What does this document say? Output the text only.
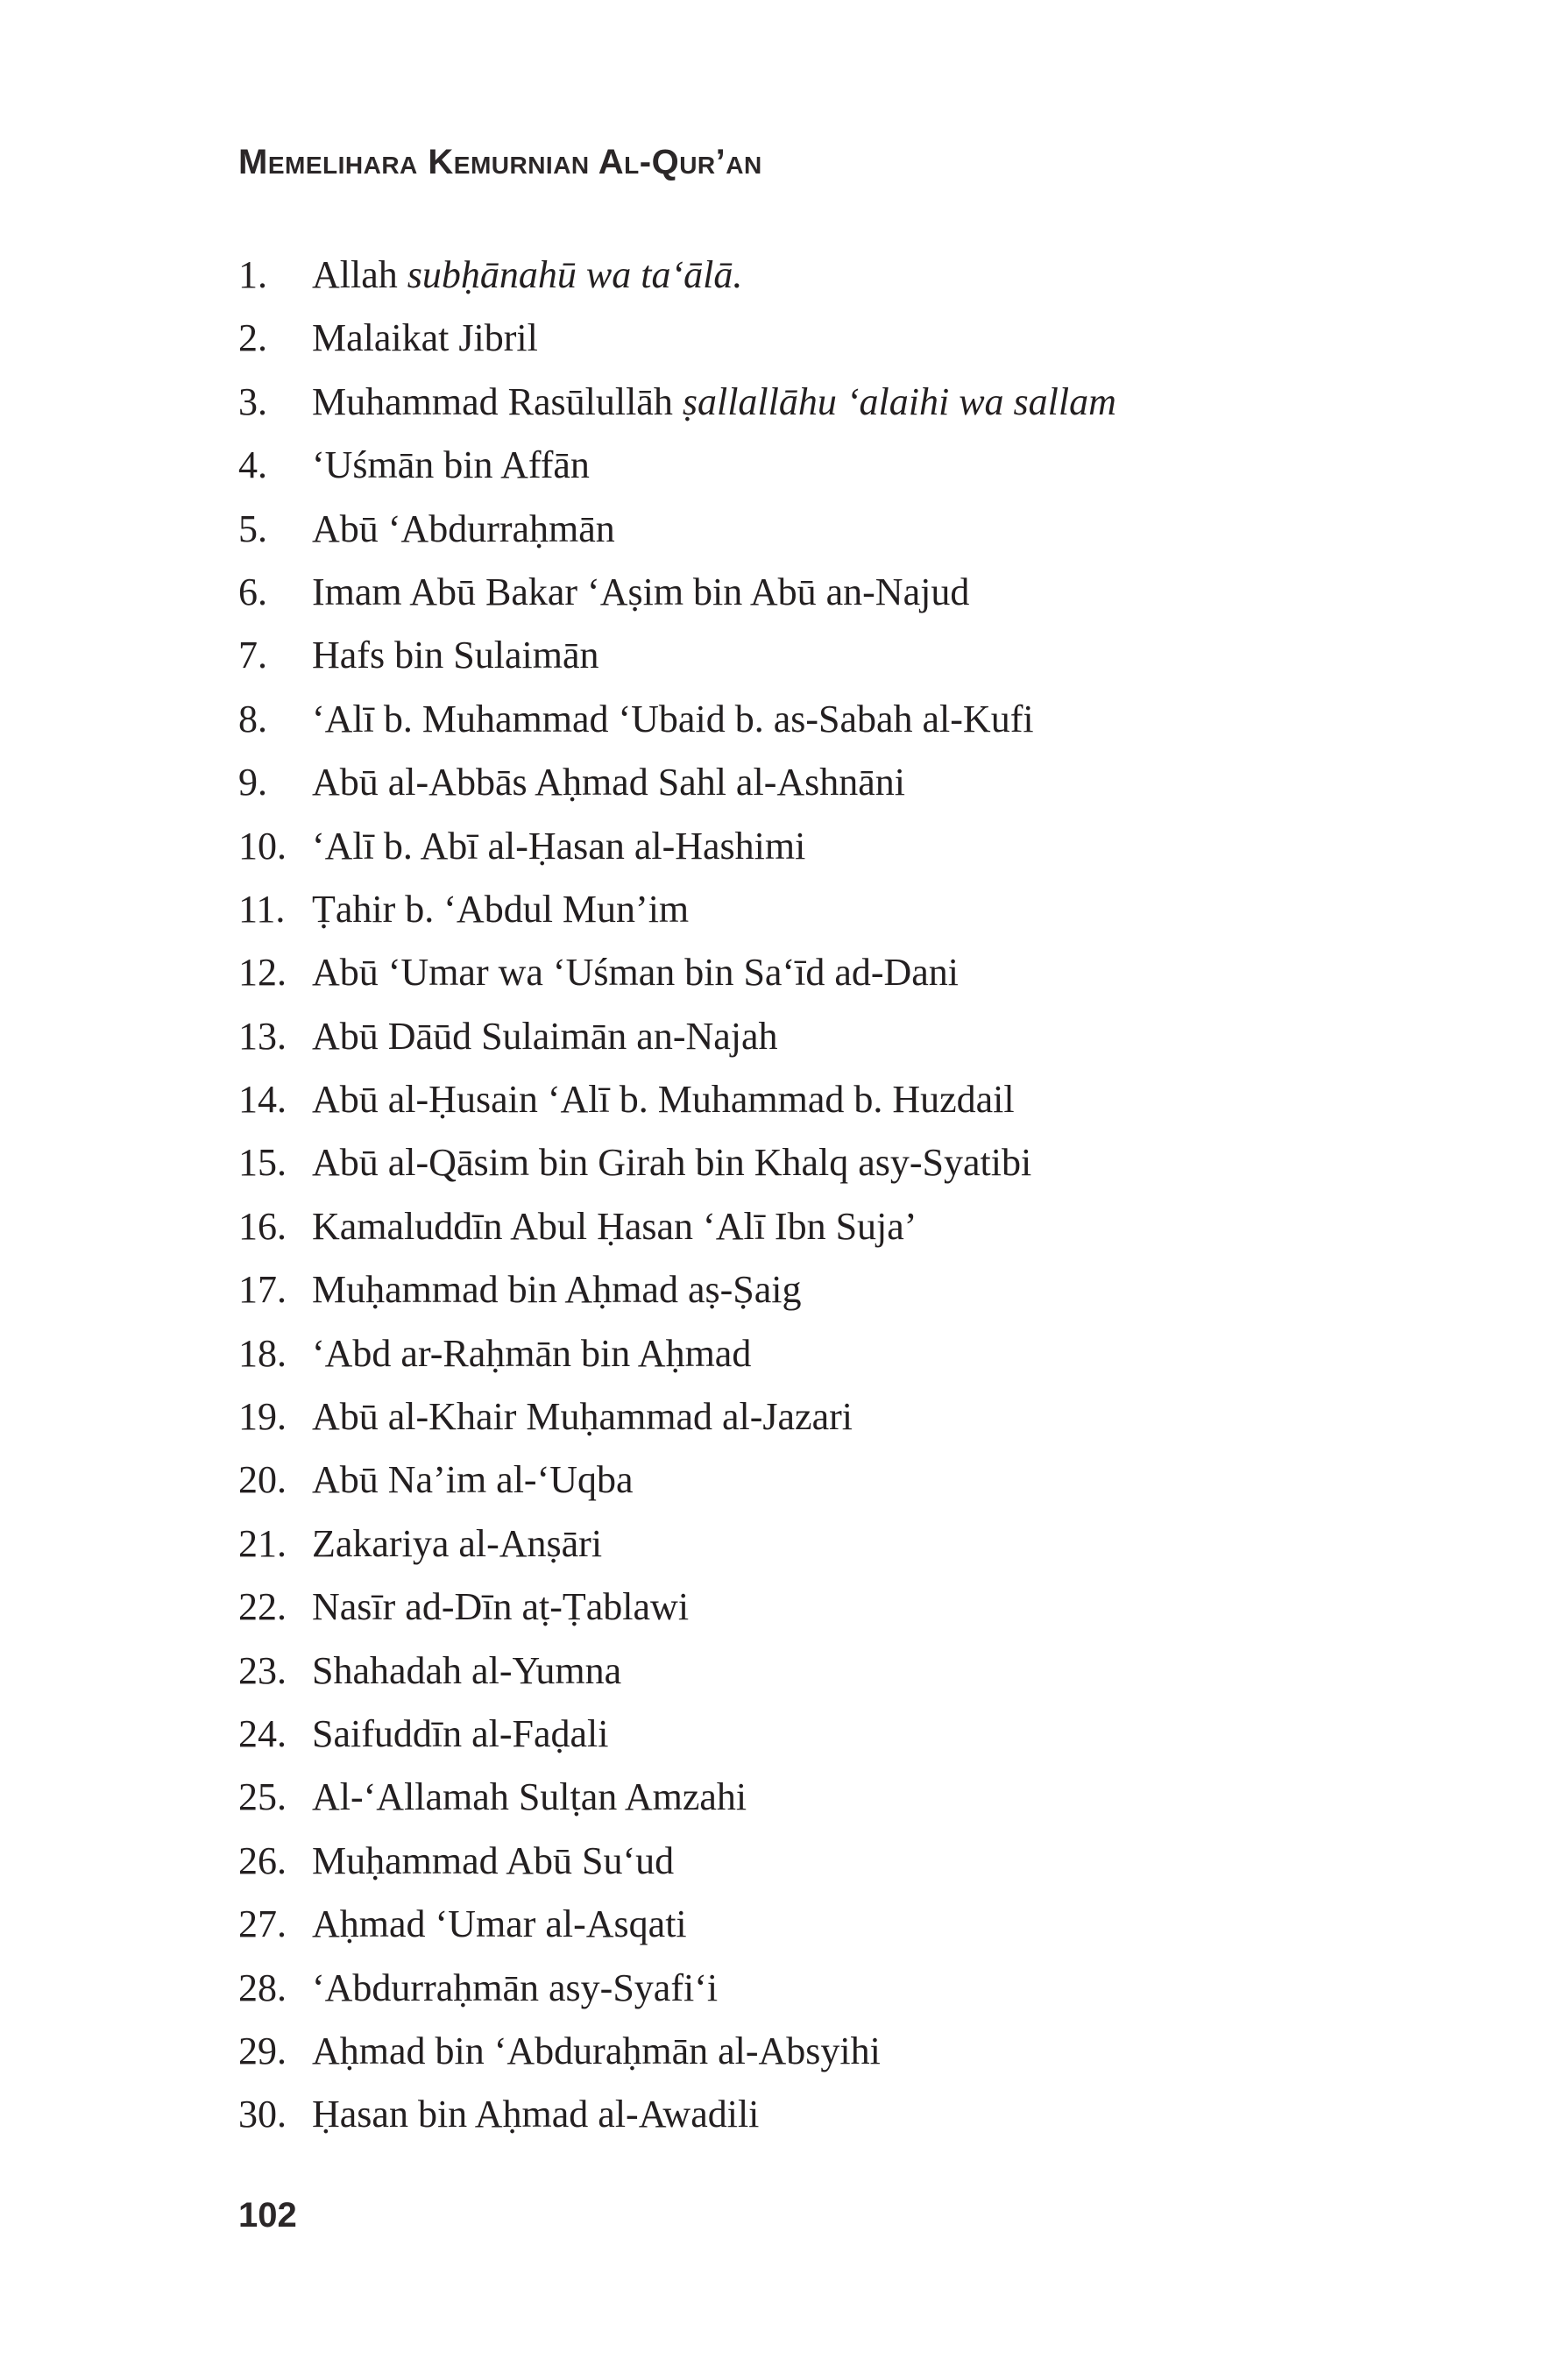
Memelihara Kemurnian Al-Qur’an
1. Allah subḥānahū wa ta‘ālā.
2. Malaikat Jibril
3. Muhammad Rasūlullāh ṣallallāhu ‘alaihi wa sallam
4. ‘Uśmān bin Affān
5. Abū ‘Abdurraḥmān
6. Imam Abū Bakar ‘Aṣim bin Abū an-Najud
7. Hafs bin Sulaimān
8. ‘Alī b. Muhammad ‘Ubaid b. as-Sabah al-Kufi
9. Abū al-Abbās Aḥmad Sahl al-Ashnāni
10. ‘Alī b. Abī al-Ḥasan al-Hashimi
11. Ṭahir b. ‘Abdul Mun’im
12. Abū ‘Umar wa ‘Uśman bin Sa‘īd ad-Dani
13. Abū Dāūd Sulaimān an-Najah
14. Abū al-Ḥusain ‘Alī b. Muhammad b. Huzdail
15. Abū al-Qāsim bin Girah bin Khalq asy-Syatibi
16. Kamaluddīn Abul Ḥasan ‘Alī Ibn Suja’
17. Muḥammad bin Aḥmad aṣ-Ṣaig
18. ‘Abd ar-Raḥmān bin Aḥmad
19. Abū al-Khair Muḥammad al-Jazari
20. Abū Na’im al-‘Uqba
21. Zakariya al-Anṣāri
22. Nasīr ad-Dīn aṭ-Ṭablawi
23. Shahadah al-Yumna
24. Saifuddīn al-Faḍali
25. Al-‘Allamah Sulṭan Amzahi
26. Muḥammad Abū Su‘ud
27. Aḥmad ‘Umar al-Asqati
28. ‘Abdurraḥmān asy-Syafi‘i
29. Aḥmad bin ‘Abduraḥmān al-Absyihi
30. Ḥasan bin Aḥmad al-Awadili
102
